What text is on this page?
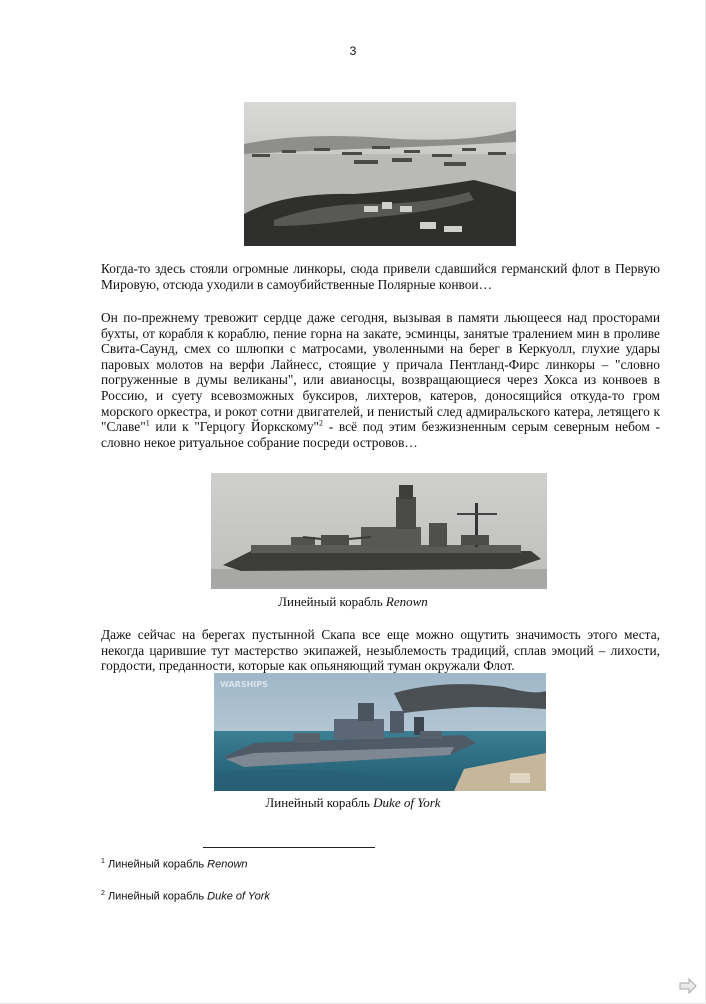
3

Когда-то здесь стояли огромные линкоры, сюда привели сдавшийся германский флот в Первую Мировую, отсюда уходили в самоубийственные Полярные конвои…

Он по-прежнему тревожит сердце даже сегодня, вызывая в памяти льющееся над просторами бухты, от корабля к кораблю, пение горна на закате, эсминцы, занятые тралением мин в проливе Свита-Саунд, смех со шлюпки с матросами, уволенными на берег в Керкуолл, глухие удары паровых молотов на верфи Лайнесс, стоящие у причала Пентланд-Фирс линкоры – "словно погруженные в думы великаны", или авианосцы, возвращающиеся через Хокса из конвоев в Россию, и суету всевозможных буксиров, лихтеров, катеров, доносящийся откуда-то гром морского оркестра, и рокот сотни двигателей, и пенистый след адмиральского катера, летящего к "Славе"$^1$ или к "Герцогу Йоркскому"$^2$ - всё под этим безжизненным серым северным небом - словно некое ритуальное собрание посреди островов…

Линейный корабль Renown

Даже сейчас на берегах пустынной Скапа все еще можно ощутить значимость этого места, некогда царившие тут мастерство экипажей, незыблемость традиций, сплав эмоций – лихости, гордости, преданности, которые как опьяняющий туман окружали Флот.

WARSHIPS
Линейный корабль Duke of York
$^1$ Линейный корабль Renown
$^2$ Линейный корабль Duke of York
